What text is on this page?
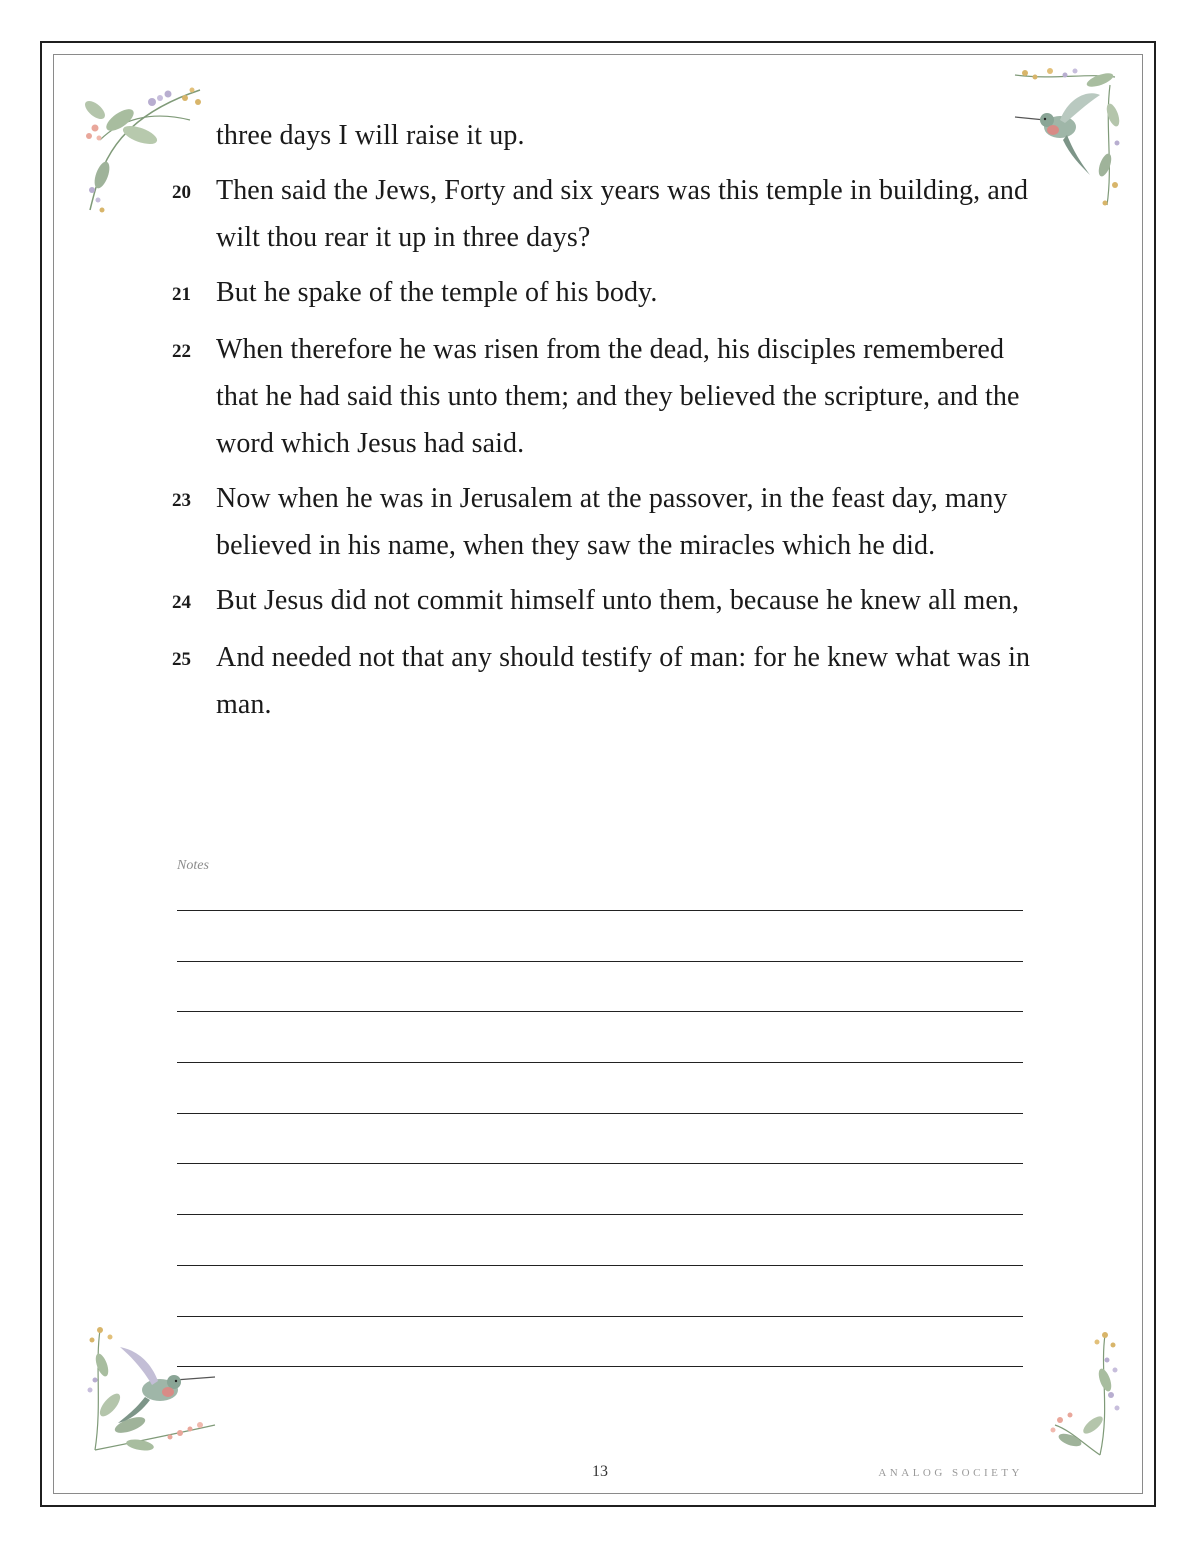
three days I will raise it up.
20 Then said the Jews, Forty and six years was this temple in building, and wilt thou rear it up in three days?
21 But he spake of the temple of his body.
22 When therefore he was risen from the dead, his disciples remembered that he had said this unto them; and they believed the scripture, and the word which Jesus had said.
23 Now when he was in Jerusalem at the passover, in the feast day, many believed in his name, when they saw the miracles which he did.
24 But Jesus did not commit himself unto them, because he knew all men,
25 And needed not that any should testify of man: for he knew what was in man.
Notes
13	ANALOG SOCIETY
